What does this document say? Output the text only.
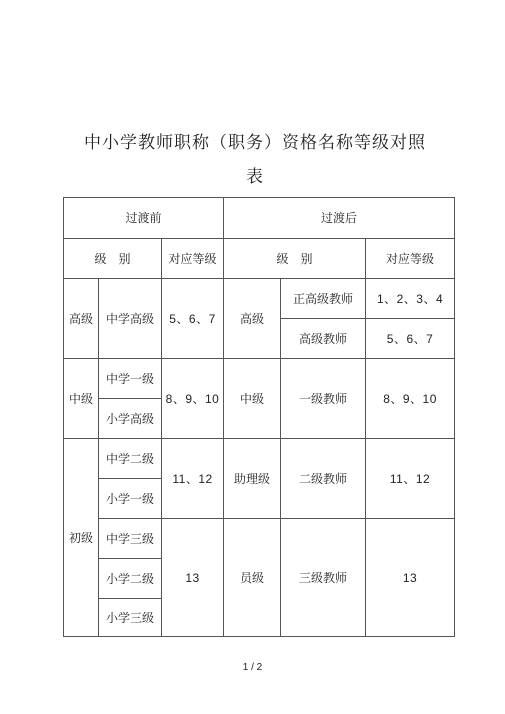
中小学教师职称（职务）资格名称等级对照
表
过渡前			过渡后		
级　别		对应等级	级　别		对应等级
高级	中学高级	5、6、7	高级	正高级教师	1、2、3、4
				高级教师	5、6、7
中级	中学一级	8、9、10	中级	一级教师	8、9、10
	小学高级				
初级	中学二级	11、12	助理级	二级教师	11、12
	小学一级				
	中学三级	13	员级	三级教师	13
	小学二级				
	小学三级				
1 / 2
